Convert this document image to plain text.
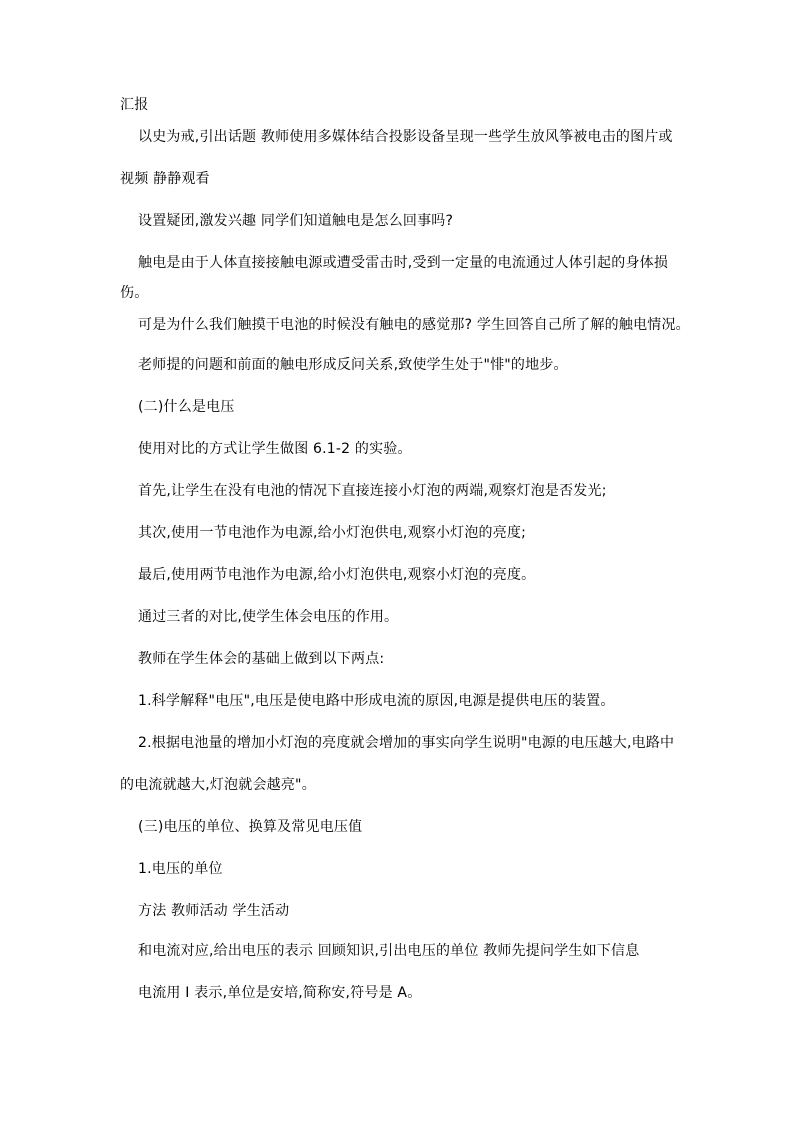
汇报

以史为戒,引出话题 教师使用多媒体结合投影设备呈现一些学生放风筝被电击的图片或

视频 静静观看

设置疑团,激发兴趣 同学们知道触电是怎么回事吗?

触电是由于人体直接接触电源或遭受雷击时,受到一定量的电流通过人体引起的身体损

伤。

可是为什么我们触摸干电池的时候没有触电的感觉那? 学生回答自己所了解的触电情况。

老师提的问题和前面的触电形成反问关系,致使学生处于"悱"的地步。

(二)什么是电压

使用对比的方式让学生做图 6.1-2 的实验。

首先,让学生在没有电池的情况下直接连接小灯泡的两端,观察灯泡是否发光;

其次,使用一节电池作为电源,给小灯泡供电,观察小灯泡的亮度;

最后,使用两节电池作为电源,给小灯泡供电,观察小灯泡的亮度。

通过三者的对比,使学生体会电压的作用。

教师在学生体会的基础上做到以下两点:

1.科学解释"电压",电压是使电路中形成电流的原因,电源是提供电压的装置。

2.根据电池量的增加小灯泡的亮度就会增加的事实向学生说明"电源的电压越大,电路中

的电流就越大,灯泡就会越亮"。

(三)电压的单位、换算及常见电压值

1.电压的单位

方法 教师活动 学生活动

和电流对应,给出电压的表示 回顾知识,引出电压的单位 教师先提问学生如下信息

电流用 I 表示,单位是安培,简称安,符号是 A。
